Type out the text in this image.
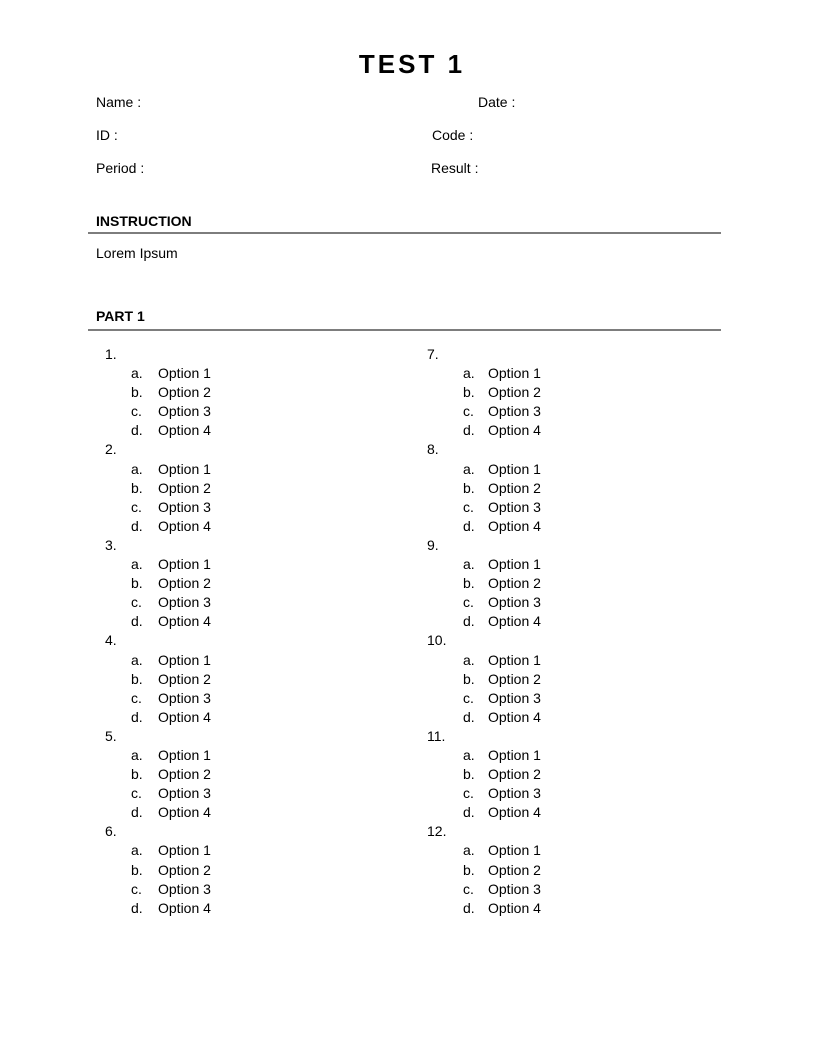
TEST 1
Name :	Date :
ID :	Code :
Period :	Result :
INSTRUCTION
Lorem Ipsum
PART 1
1.
a. Option 1
b. Option 2
c. Option 3
d. Option 4
2.
a. Option 1
b. Option 2
c. Option 3
d. Option 4
3.
a. Option 1
b. Option 2
c. Option 3
d. Option 4
4.
a. Option 1
b. Option 2
c. Option 3
d. Option 4
5.
a. Option 1
b. Option 2
c. Option 3
d. Option 4
6.
a. Option 1
b. Option 2
c. Option 3
d. Option 4
7.
a. Option 1
b. Option 2
c. Option 3
d. Option 4
8.
a. Option 1
b. Option 2
c. Option 3
d. Option 4
9.
a. Option 1
b. Option 2
c. Option 3
d. Option 4
10.
a. Option 1
b. Option 2
c. Option 3
d. Option 4
11.
a. Option 1
b. Option 2
c. Option 3
d. Option 4
12.
a. Option 1
b. Option 2
c. Option 3
d. Option 4
